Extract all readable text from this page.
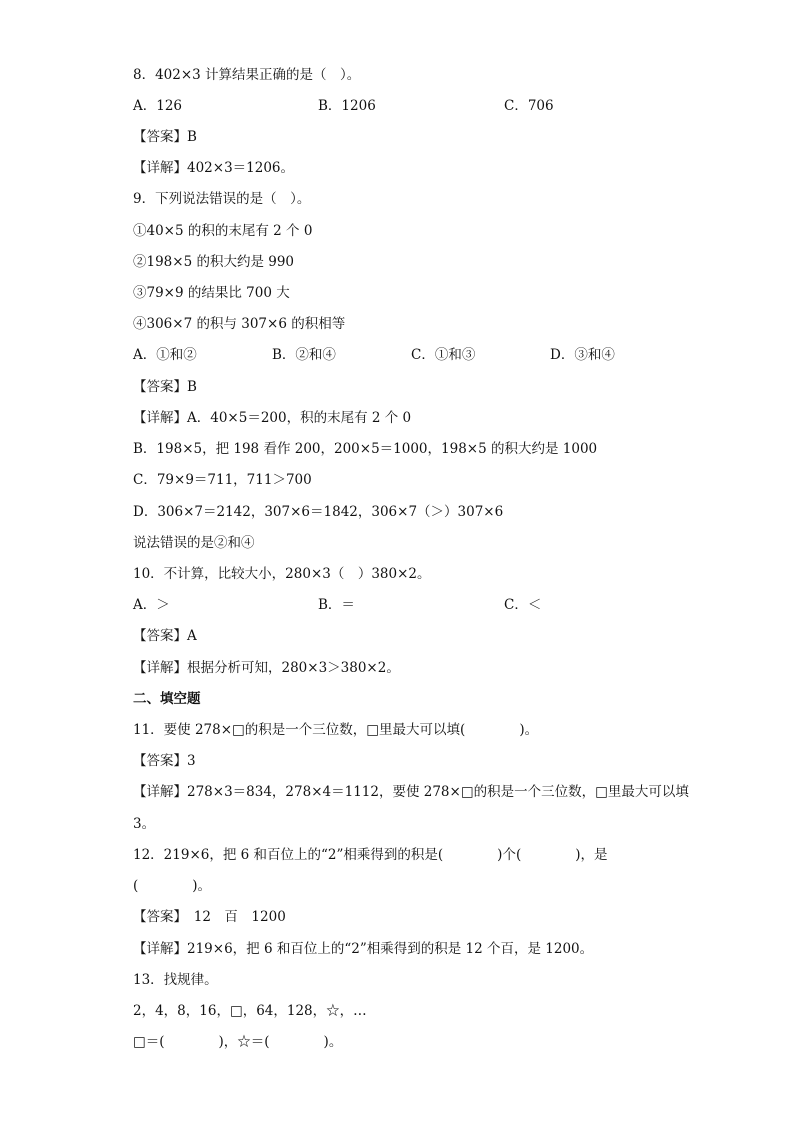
8．402×3 计算结果正确的是（　）。
A．126	B．1206	C．706
【答案】B
【详解】402×3＝1206。
9．下列说法错误的是（　）。
①40×5 的积的末尾有 2 个 0
②198×5 的积大约是 990
③79×9 的结果比 700 大
④306×7 的积与 307×6 的积相等
A．①和②	B．②和④	C．①和③	D．③和④
【答案】B
【详解】A．40×5＝200，积的末尾有 2 个 0
B．198×5，把 198 看作 200，200×5＝1000，198×5 的积大约是 1000
C．79×9＝711，711＞700
D．306×7＝2142，307×6＝1842，306×7（＞）307×6
说法错误的是②和④
10．不计算，比较大小，280×3（　）380×2。
A．＞	B．＝	C．＜
【答案】A
【详解】根据分析可知，280×3＞380×2。
二、填空题
11．要使 278×□的积是一个三位数，□里最大可以填(　　　　)。
【答案】3
【详解】278×3＝834，278×4＝1112，要使 278×□的积是一个三位数，□里最大可以填
3。
12．219×6，把 6 和百位上的“2”相乘得到的积是(　　　　)个(　　　　)，是
(　　　　)。
【答案】　12　百　1200
【详解】219×6，把 6 和百位上的“2”相乘得到的积是 12 个百，是 1200。
13．找规律。
2，4，8，16，□，64，128，☆，…
□＝(　　　　)，☆＝(　　　　)。
